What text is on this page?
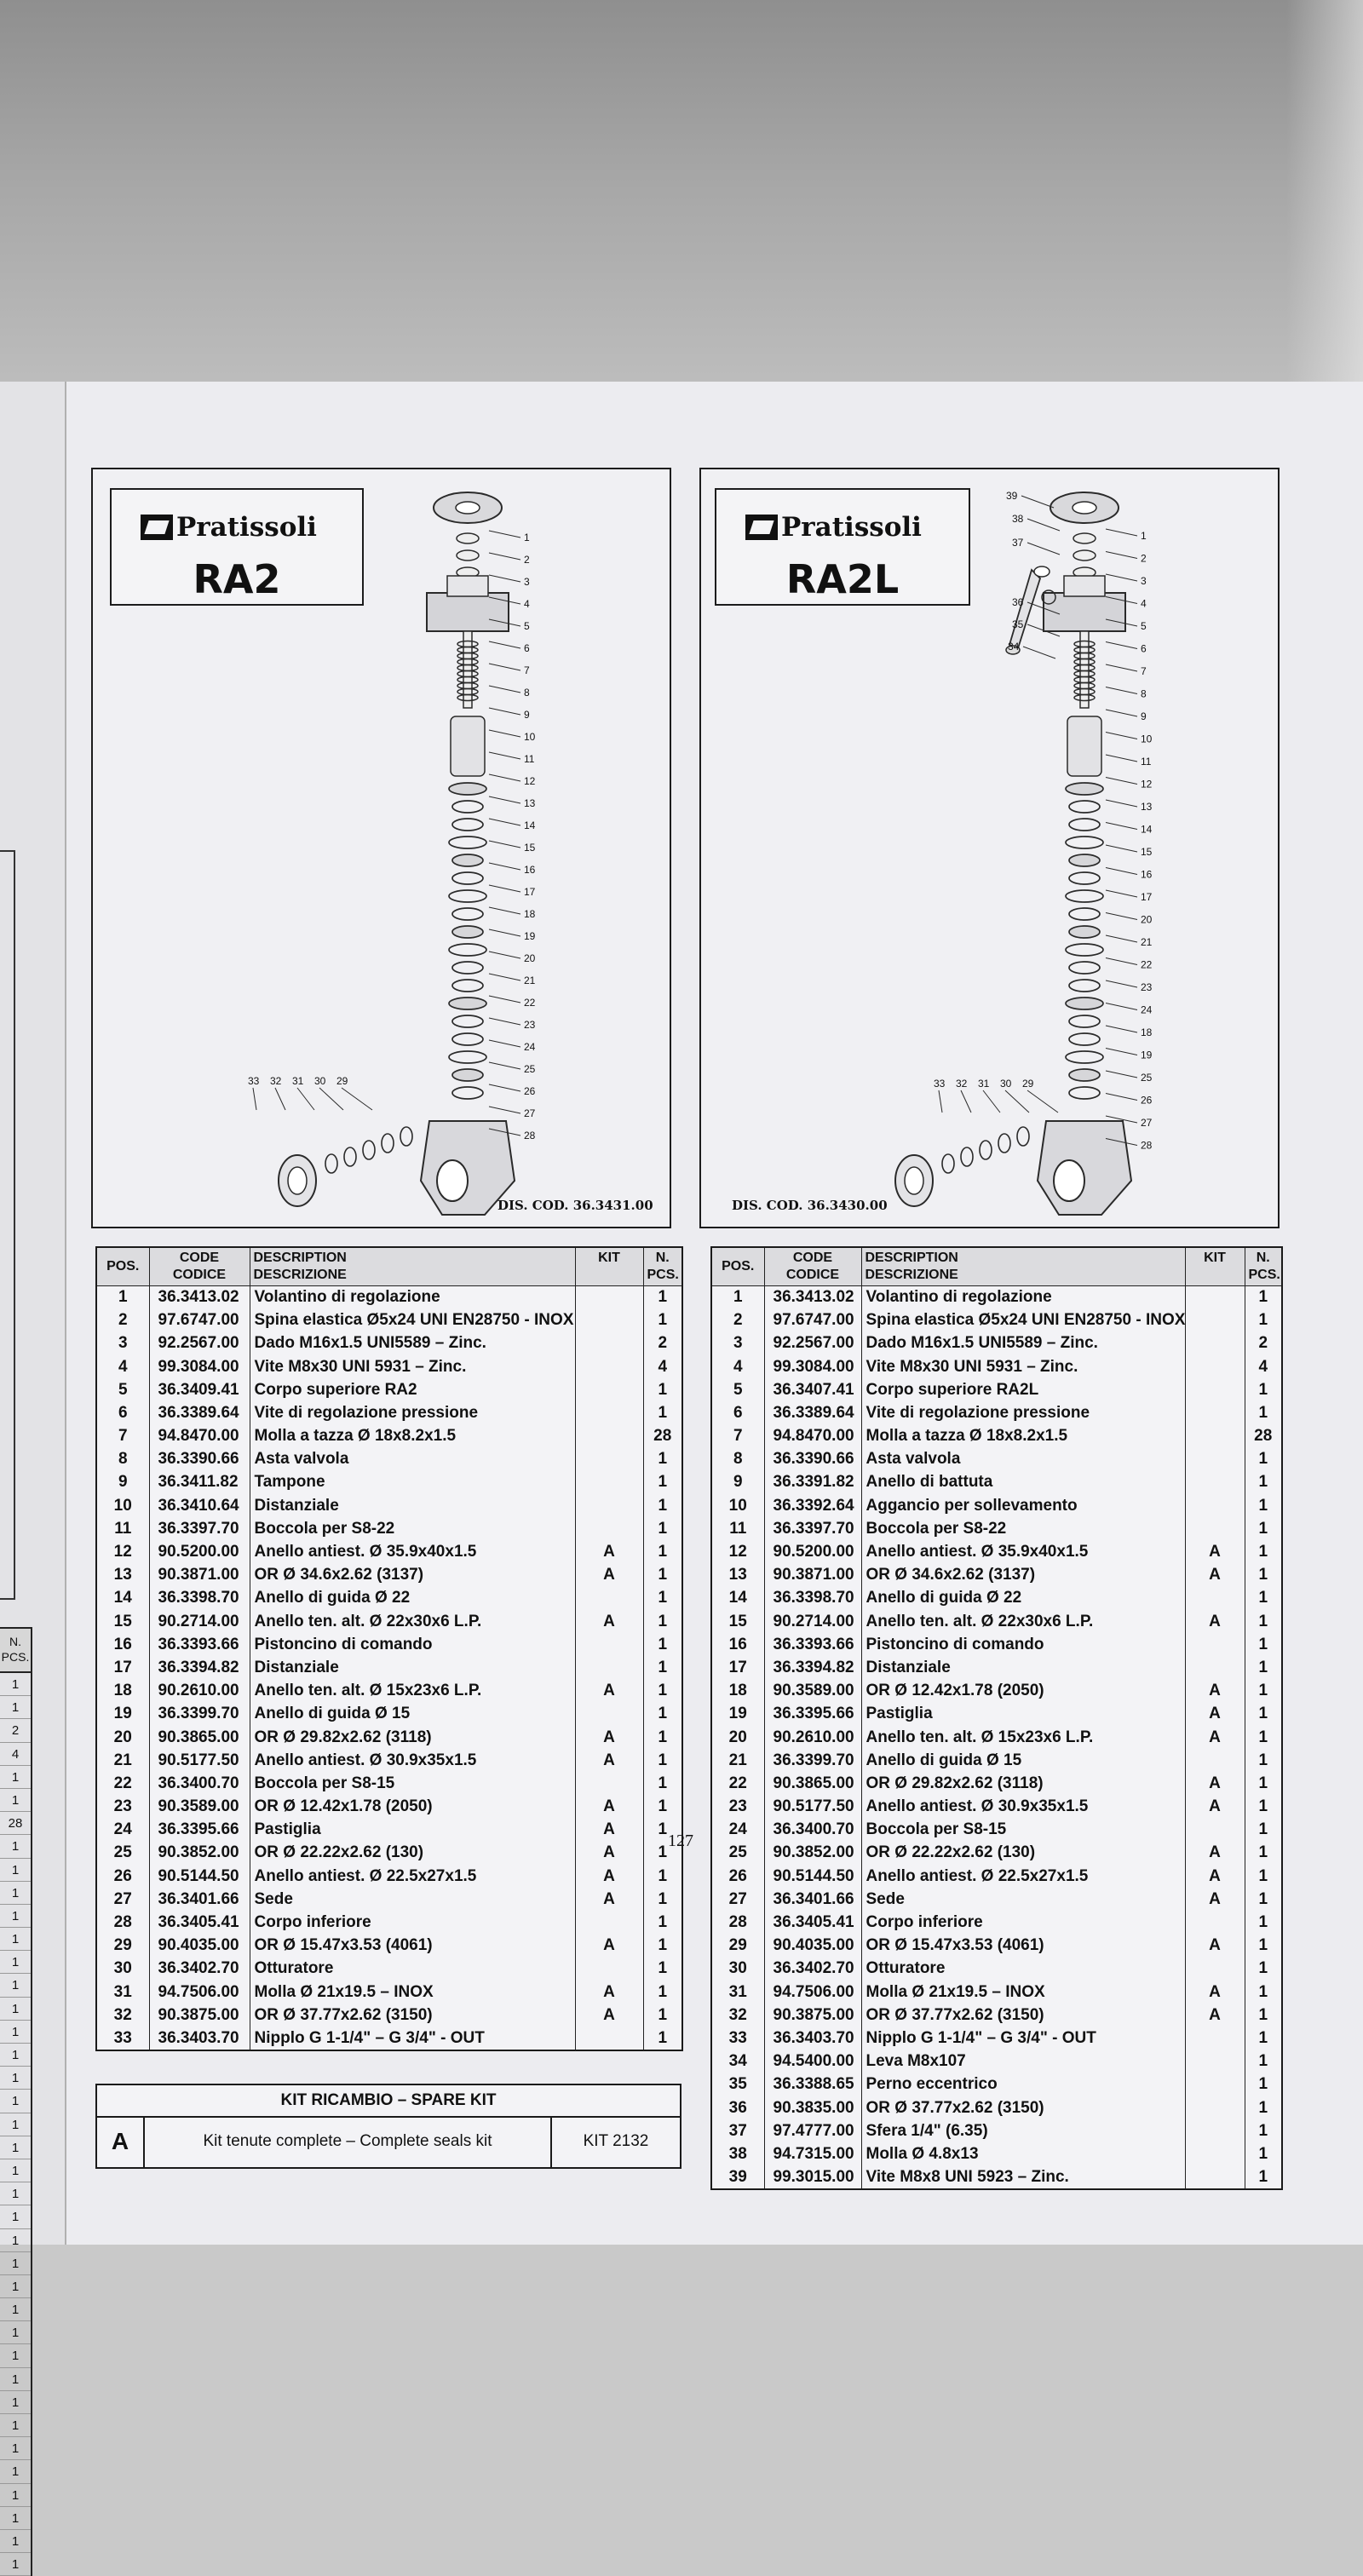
N. PCS.
1
1
2
4
1
1
28
1
1
1
1
1
1
1
1
1
1
1
1
1
1
1
1
1
1
1
1
1
1
1
1
1
1
1
1
1
1
1
1
1
2
3
4
5
6
7
8
9
10
11
12
13
14
15
16
17
18
19
20
21
22
23
24
25
26
27
28
33 32 31 30 29
Pratissoli
RA2
DIS. COD. 36.3431.00
1
2
3
4
5
6
7
8
9
10
11
12
13
14
15
16
17
20
21
22
23
24
18
19
25
26
27
28
33 32 31 30 29
39
38
37
36
35
34
Pratissoli
RA2L
DIS. COD. 36.3430.00
POS.	CODE
CODICE	DESCRIPTION
DESCRIZIONE	KIT	N.
PCS.

1	36.3413.02	Volantino di regolazione		1
2	97.6747.00	Spina elastica Ø5x24 UNI EN28750 - INOX		1
3	92.2567.00	Dado M16x1.5 UNI5589 – Zinc.		2
4	99.3084.00	Vite M8x30 UNI 5931 – Zinc.		4
5	36.3409.41	Corpo superiore RA2		1
6	36.3389.64	Vite di regolazione pressione		1
7	94.8470.00	Molla a tazza Ø 18x8.2x1.5		28
8	36.3390.66	Asta valvola		1
9	36.3411.82	Tampone		1
10	36.3410.64	Distanziale		1
11	36.3397.70	Boccola per S8-22		1
12	90.5200.00	Anello antiest. Ø 35.9x40x1.5	A	1
13	90.3871.00	OR Ø 34.6x2.62 (3137)	A	1
14	36.3398.70	Anello di guida Ø 22		1
15	90.2714.00	Anello ten. alt. Ø 22x30x6 L.P.	A	1
16	36.3393.66	Pistoncino di comando		1
17	36.3394.82	Distanziale		1
18	90.2610.00	Anello ten. alt. Ø 15x23x6 L.P.	A	1
19	36.3399.70	Anello di guida Ø 15		1
20	90.3865.00	OR Ø 29.82x2.62 (3118)	A	1
21	90.5177.50	Anello antiest. Ø 30.9x35x1.5	A	1
22	36.3400.70	Boccola per S8-15		1
23	90.3589.00	OR Ø 12.42x1.78 (2050)	A	1
24	36.3395.66	Pastiglia	A	1
25	90.3852.00	OR Ø 22.22x2.62 (130)	A	1
26	90.5144.50	Anello antiest. Ø 22.5x27x1.5	A	1
27	36.3401.66	Sede	A	1
28	36.3405.41	Corpo inferiore		1
29	90.4035.00	OR Ø 15.47x3.53 (4061)	A	1
30	36.3402.70	Otturatore		1
31	94.7506.00	Molla Ø 21x19.5 – INOX	A	1
32	90.3875.00	OR Ø 37.77x2.62 (3150)	A	1
33	36.3403.70	Nipplo G 1-1/4" – G 3/4" - OUT		1
POS.	CODE
CODICE	DESCRIPTION
DESCRIZIONE	KIT	N.
PCS.

1	36.3413.02	Volantino di regolazione		1
2	97.6747.00	Spina elastica Ø5x24 UNI EN28750 - INOX		1
3	92.2567.00	Dado M16x1.5 UNI5589 – Zinc.		2
4	99.3084.00	Vite M8x30 UNI 5931 – Zinc.		4
5	36.3407.41	Corpo superiore RA2L		1
6	36.3389.64	Vite di regolazione pressione		1
7	94.8470.00	Molla a tazza Ø 18x8.2x1.5		28
8	36.3390.66	Asta valvola		1
9	36.3391.82	Anello di battuta		1
10	36.3392.64	Aggancio per sollevamento		1
11	36.3397.70	Boccola per S8-22		1
12	90.5200.00	Anello antiest. Ø 35.9x40x1.5	A	1
13	90.3871.00	OR Ø 34.6x2.62 (3137)	A	1
14	36.3398.70	Anello di guida Ø 22		1
15	90.2714.00	Anello ten. alt. Ø 22x30x6 L.P.	A	1
16	36.3393.66	Pistoncino di comando		1
17	36.3394.82	Distanziale		1
18	90.3589.00	OR Ø 12.42x1.78 (2050)	A	1
19	36.3395.66	Pastiglia	A	1
20	90.2610.00	Anello ten. alt. Ø 15x23x6 L.P.	A	1
21	36.3399.70	Anello di guida Ø 15		1
22	90.3865.00	OR Ø 29.82x2.62 (3118)	A	1
23	90.5177.50	Anello antiest. Ø 30.9x35x1.5	A	1
24	36.3400.70	Boccola per S8-15		1
25	90.3852.00	OR Ø 22.22x2.62 (130)	A	1
26	90.5144.50	Anello antiest. Ø 22.5x27x1.5	A	1
27	36.3401.66	Sede	A	1
28	36.3405.41	Corpo inferiore		1
29	90.4035.00	OR Ø 15.47x3.53 (4061)	A	1
30	36.3402.70	Otturatore		1
31	94.7506.00	Molla Ø 21x19.5 – INOX	A	1
32	90.3875.00	OR Ø 37.77x2.62 (3150)	A	1
33	36.3403.70	Nipplo G 1-1/4" – G 3/4" - OUT		1
34	94.5400.00	Leva M8x107		1
35	36.3388.65	Perno eccentrico		1
36	90.3835.00	OR Ø 37.77x2.62 (3150)		1
37	97.4777.00	Sfera 1/4" (6.35)		1
38	94.7315.00	Molla Ø 4.8x13		1
39	99.3015.00	Vite M8x8 UNI 5923 – Zinc.		1
KIT RICAMBIO – SPARE KIT
A	Kit tenute complete – Complete seals kit	KIT 2132
127
